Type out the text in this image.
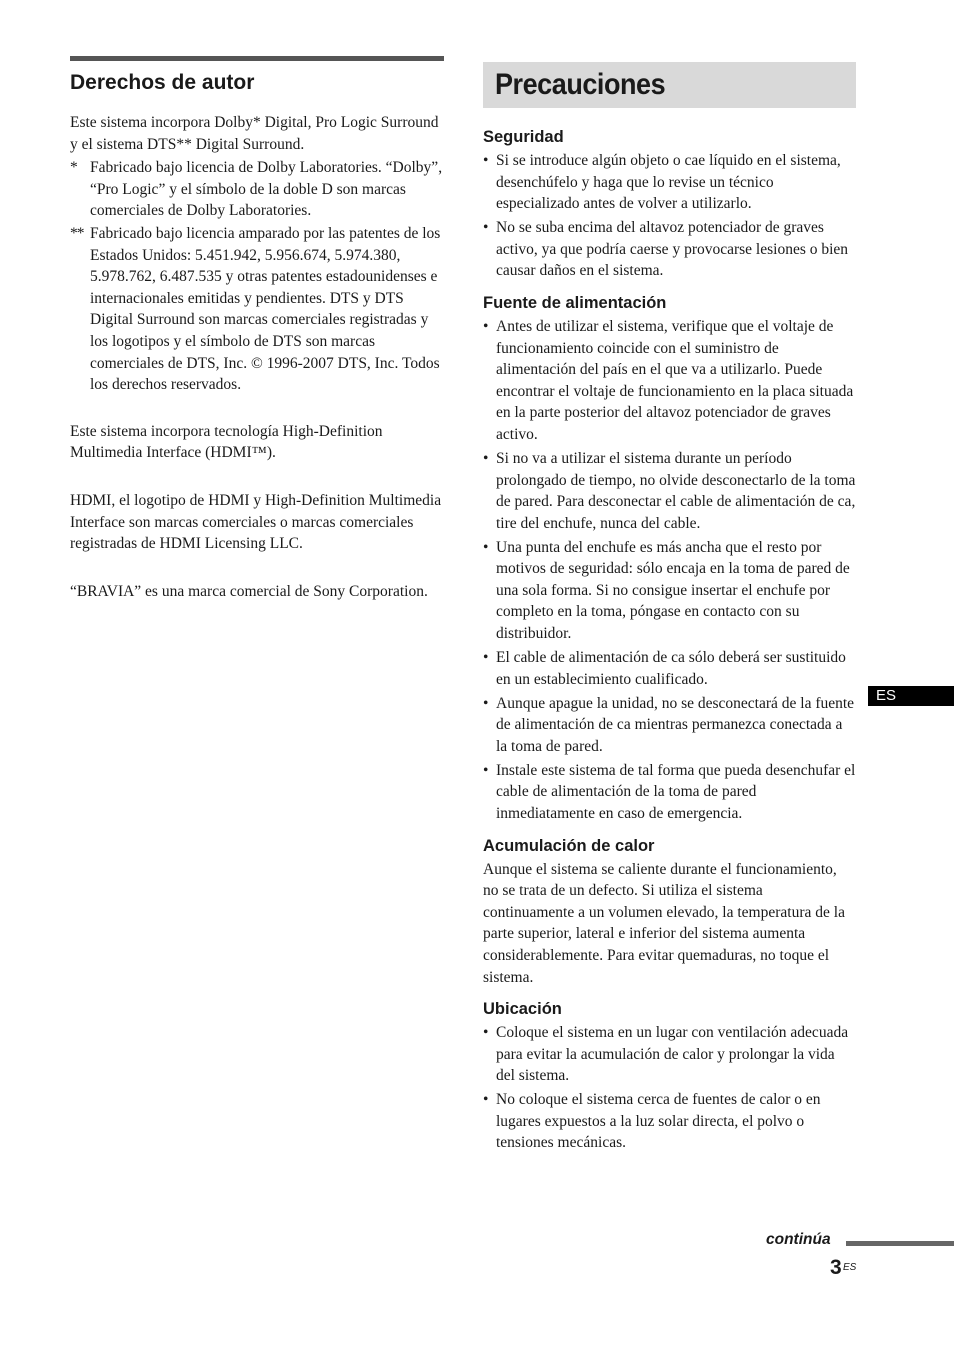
Derechos de autor

Este sistema incorpora Dolby* Digital, Pro Logic Surround y el sistema DTS** Digital Surround.

* Fabricado bajo licencia de Dolby Laboratories. “Dolby”, “Pro Logic” y el símbolo de la doble D son marcas comerciales de Dolby Laboratories.
** Fabricado bajo licencia amparado por las patentes de los Estados Unidos: 5.451.942, 5.956.674, 5.974.380, 5.978.762, 6.487.535 y otras patentes estadounidenses e internacionales emitidas y pendientes. DTS y DTS Digital Surround son marcas comerciales registradas y los logotipos y el símbolo de DTS son marcas comerciales de DTS, Inc. © 1996-2007 DTS, Inc. Todos los derechos reservados.

Este sistema incorpora tecnología High-Definition Multimedia Interface (HDMI™).

HDMI, el logotipo de HDMI y High-Definition Multimedia Interface son marcas comerciales o marcas comerciales registradas de HDMI Licensing LLC.

“BRAVIA” es una marca comercial de Sony Corporation.

Precauciones
Seguridad
• Si se introduce algún objeto o cae líquido en el sistema, desenchúfelo y haga que lo revise un técnico especializado antes de volver a utilizarlo.
• No se suba encima del altavoz potenciador de graves activo, ya que podría caerse y provocarse lesiones o bien causar daños en el sistema.
Fuente de alimentación
• Antes de utilizar el sistema, verifique que el voltaje de funcionamiento coincide con el suministro de alimentación del país en el que va a utilizarlo. Puede encontrar el voltaje de funcionamiento en la placa situada en la parte posterior del altavoz potenciador de graves activo.
• Si no va a utilizar el sistema durante un período prolongado de tiempo, no olvide desconectarlo de la toma de pared. Para desconectar el cable de alimentación de ca, tire del enchufe, nunca del cable.
• Una punta del enchufe es más ancha que el resto por motivos de seguridad: sólo encaja en la toma de pared de una sola forma. Si no consigue insertar el enchufe por completo en la toma, póngase en contacto con su distribuidor.
• El cable de alimentación de ca sólo deberá ser sustituido en un establecimiento cualificado.
• Aunque apague la unidad, no se desconectará de la fuente de alimentación de ca mientras permanezca conectada a la toma de pared.
• Instale este sistema de tal forma que pueda desenchufar el cable de alimentación de la toma de pared inmediatamente en caso de emergencia.
Acumulación de calor

Aunque el sistema se caliente durante el funcionamiento, no se trata de un defecto. Si utiliza el sistema continuamente a un volumen elevado, la temperatura de la parte superior, lateral e inferior del sistema aumenta considerablemente. Para evitar quemaduras, no toque el sistema.

Ubicación
• Coloque el sistema en un lugar con ventilación adecuada para evitar la acumulación de calor y prolongar la vida del sistema.
• No coloque el sistema cerca de fuentes de calor o en lugares expuestos a la luz solar directa, el polvo o tensiones mecánicas.
ES
continúa
3 ES
